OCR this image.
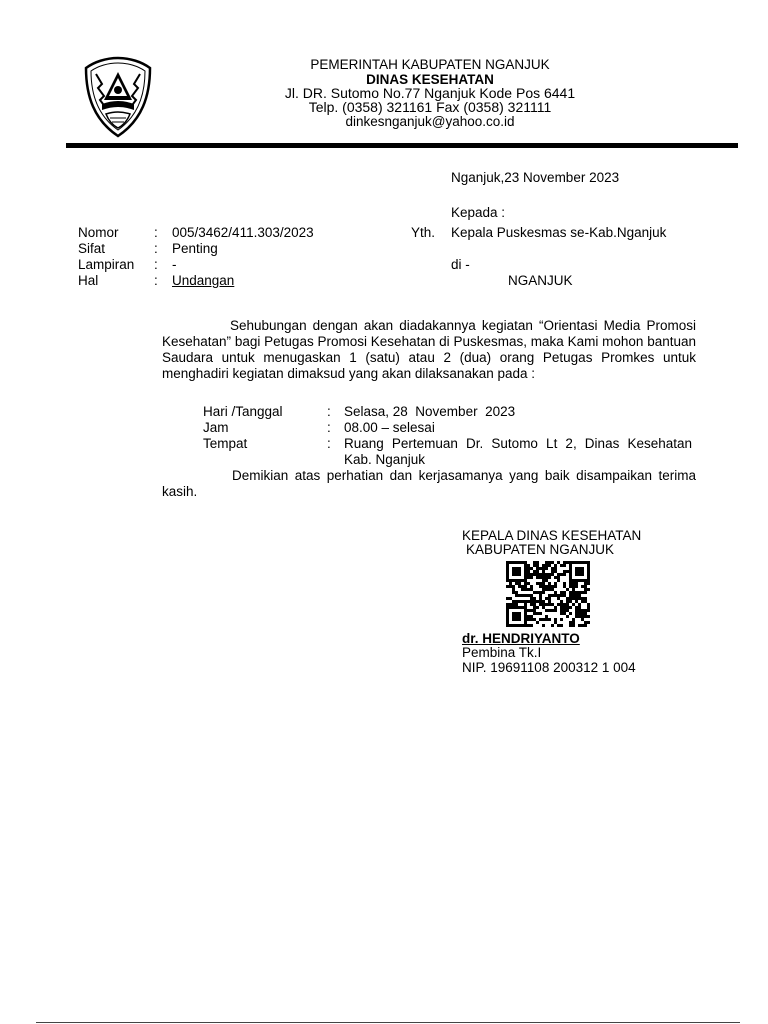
PEMERINTAH KABUPATEN NGANJUK
DINAS KESEHATAN
Jl. DR. Sutomo No.77 Nganjuk Kode Pos 6441
Telp. (0358) 321161 Fax (0358) 321111
dinkesnganjuk@yahoo.co.id
Nganjuk,23 November 2023
Kepada :
Yth. Kepala Puskesmas se-Kab.Nganjuk
di -
NGANJUK
Nomor	: 005/3462/411.303/2023
Sifat	: Penting
Lampiran : -
Hal	: Undangan
Sehubungan dengan akan diadakannya kegiatan “Orientasi Media Promosi Kesehatan” bagi Petugas Promosi Kesehatan di Puskesmas, maka Kami mohon bantuan Saudara untuk menugaskan 1 (satu) atau 2 (dua) orang Petugas Promkes untuk menghadiri kegiatan dimaksud yang akan dilaksanakan pada :
Hari /Tanggal	: Selasa, 28  November  2023
Jam	: 08.00 – selesai
Tempat	: Ruang Pertemuan Dr. Sutomo Lt 2, Dinas Kesehatan Kab. Nganjuk
Demikian atas perhatian dan kerjasamanya yang baik disampaikan terima kasih.
KEPALA DINAS KESEHATAN
KABUPATEN NGANJUK
dr. HENDRIYANTO
Pembina Tk.I
NIP. 19691108 200312 1 004
